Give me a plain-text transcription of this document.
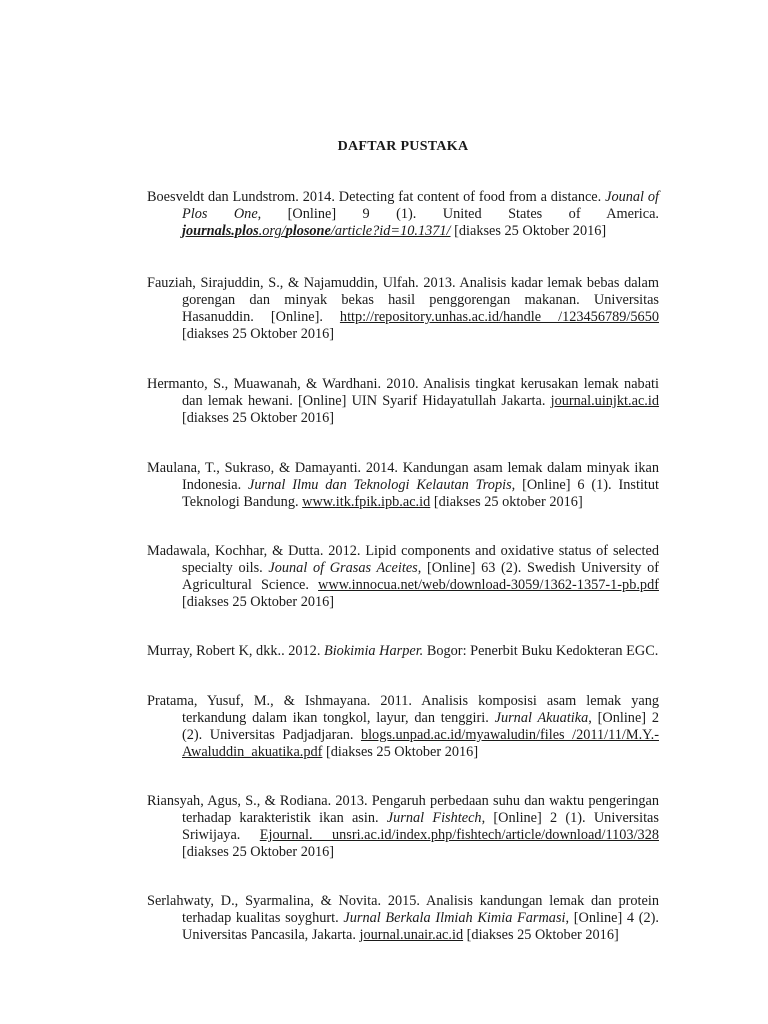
DAFTAR PUSTAKA

Boesveldt dan Lundstrom. 2014. Detecting fat content of food from a distance. Jounal of Plos One, [Online] 9 (1). United States of America. journals.plos.org/plosone/article?id=10.1371/ [diakses 25 Oktober 2016]

Fauziah, Sirajuddin, S., & Najamuddin, Ulfah. 2013. Analisis kadar lemak bebas dalam gorengan dan minyak bekas hasil penggorengan makanan. Universitas Hasanuddin. [Online]. http://repository.unhas.ac.id/handle /123456789/5650 [diakses 25 Oktober 2016]

Hermanto, S., Muawanah, & Wardhani. 2010. Analisis tingkat kerusakan lemak nabati dan lemak hewani. [Online] UIN Syarif Hidayatullah Jakarta. journal.uinjkt.ac.id [diakses 25 Oktober 2016]

Maulana, T., Sukraso, & Damayanti. 2014. Kandungan asam lemak dalam minyak ikan Indonesia. Jurnal Ilmu dan Teknologi Kelautan Tropis, [Online] 6 (1). Institut Teknologi Bandung. www.itk.fpik.ipb.ac.id [diakses 25 oktober 2016]

Madawala, Kochhar, & Dutta. 2012. Lipid components and oxidative status of selected specialty oils. Jounal of Grasas Aceites, [Online] 63 (2). Swedish University of Agricultural Science. www.innocua.net/web/download-3059/1362-1357-1-pb.pdf [diakses 25 Oktober 2016]

Murray, Robert K, dkk.. 2012. Biokimia Harper. Bogor: Penerbit Buku Kedokteran EGC.

Pratama, Yusuf, M., & Ishmayana. 2011. Analisis komposisi asam lemak yang terkandung dalam ikan tongkol, layur, dan tenggiri. Jurnal Akuatika, [Online] 2 (2). Universitas Padjadjaran. blogs.unpad.ac.id/myawaludin/files /2011/11/M.Y.-Awaluddin_akuatika.pdf [diakses 25 Oktober 2016]

Riansyah, Agus, S., & Rodiana. 2013. Pengaruh perbedaan suhu dan waktu pengeringan terhadap karakteristik ikan asin. Jurnal Fishtech, [Online] 2 (1). Universitas Sriwijaya. Ejournal. unsri.ac.id/index.php/fishtech/article/download/1103/328 [diakses 25 Oktober 2016]

Serlahwaty, D., Syarmalina, & Novita. 2015. Analisis kandungan lemak dan protein terhadap kualitas soyghurt. Jurnal Berkala Ilmiah Kimia Farmasi, [Online] 4 (2). Universitas Pancasila, Jakarta. journal.unair.ac.id [diakses 25 Oktober 2016]
